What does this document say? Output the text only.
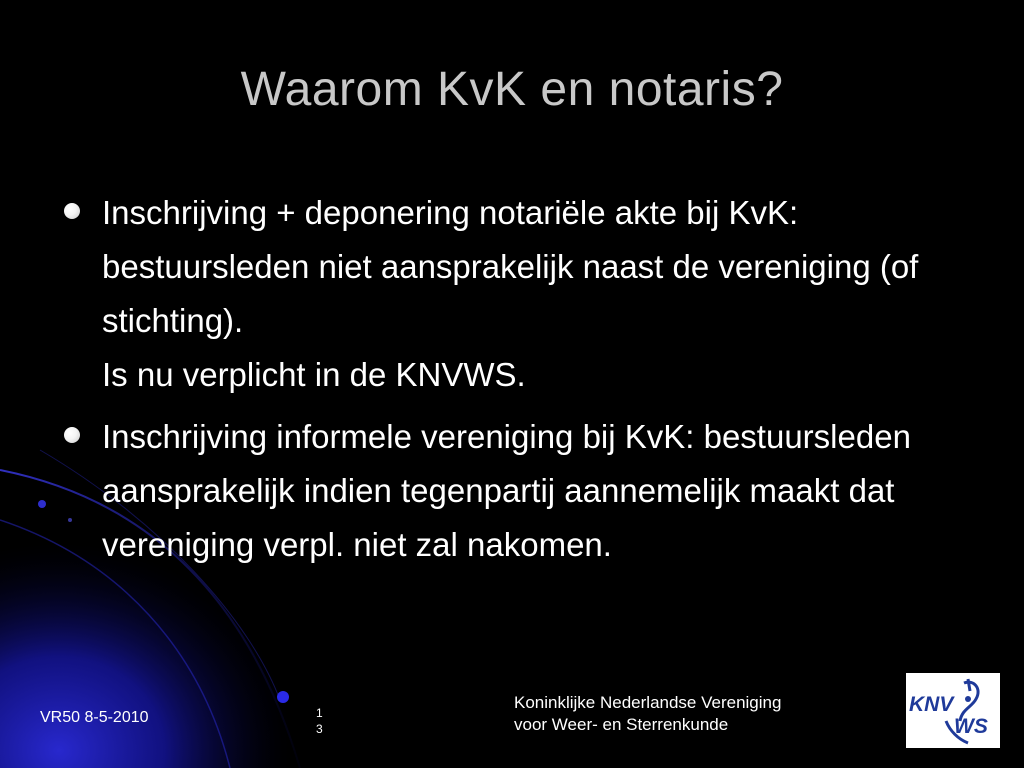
Waarom KvK en notaris?
Inschrijving + deponering notariële akte bij KvK: bestuursleden niet aansprakelijk naast de vereniging (of stichting).
Is nu verplicht in de KNVWS.
Inschrijving informele vereniging bij KvK: bestuursleden aansprakelijk indien tegenpartij aannemelijk maakt dat vereniging verpl. niet zal nakomen.
VR50 8-5-2010	1
3
Koninklijke Nederlandse Vereniging
voor Weer- en Sterrenkunde
KNV
WS
